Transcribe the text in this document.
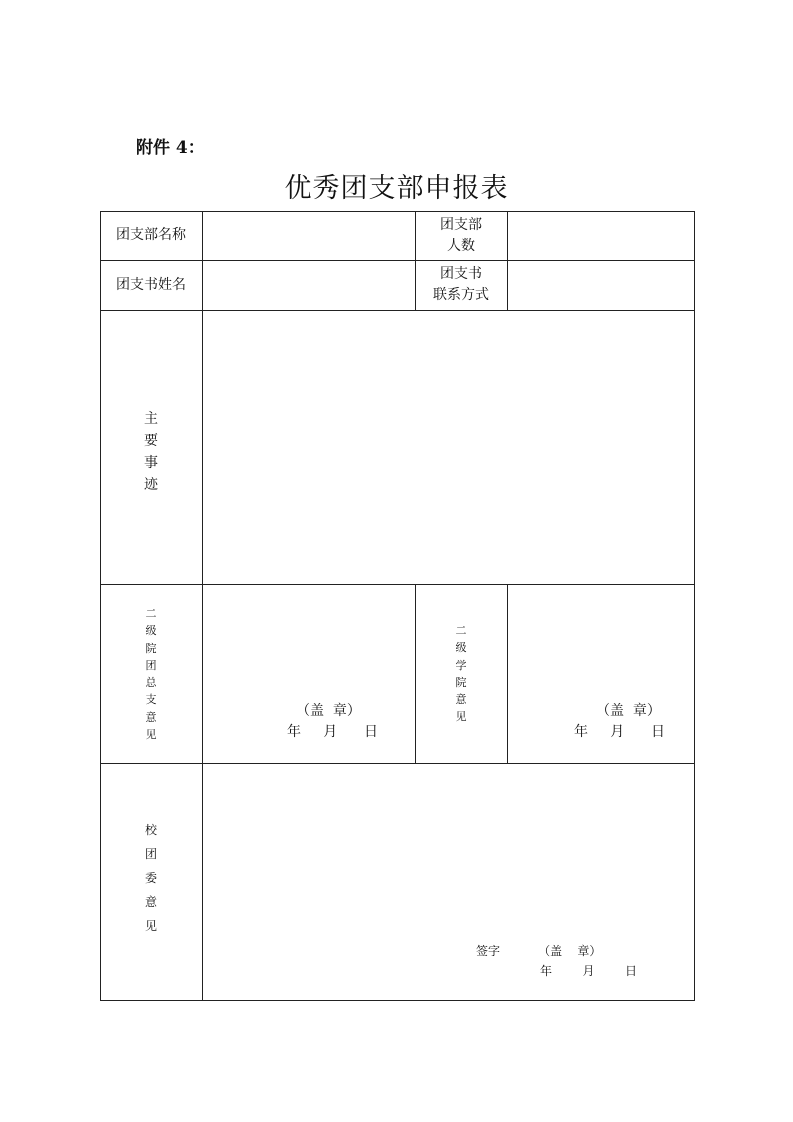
附件 4：
优秀团支部申报表
团支部名称
团支部
人数
团支书姓名
团支书
联系方式
主
要
事
迹
二
级
院
团
总
支
意
见
（盖  章）
年     月      日
二
级
学
院
意
见	（盖  章）
年     月      日
校
团
委
意
见
签字          （盖    章）
年        月        日
